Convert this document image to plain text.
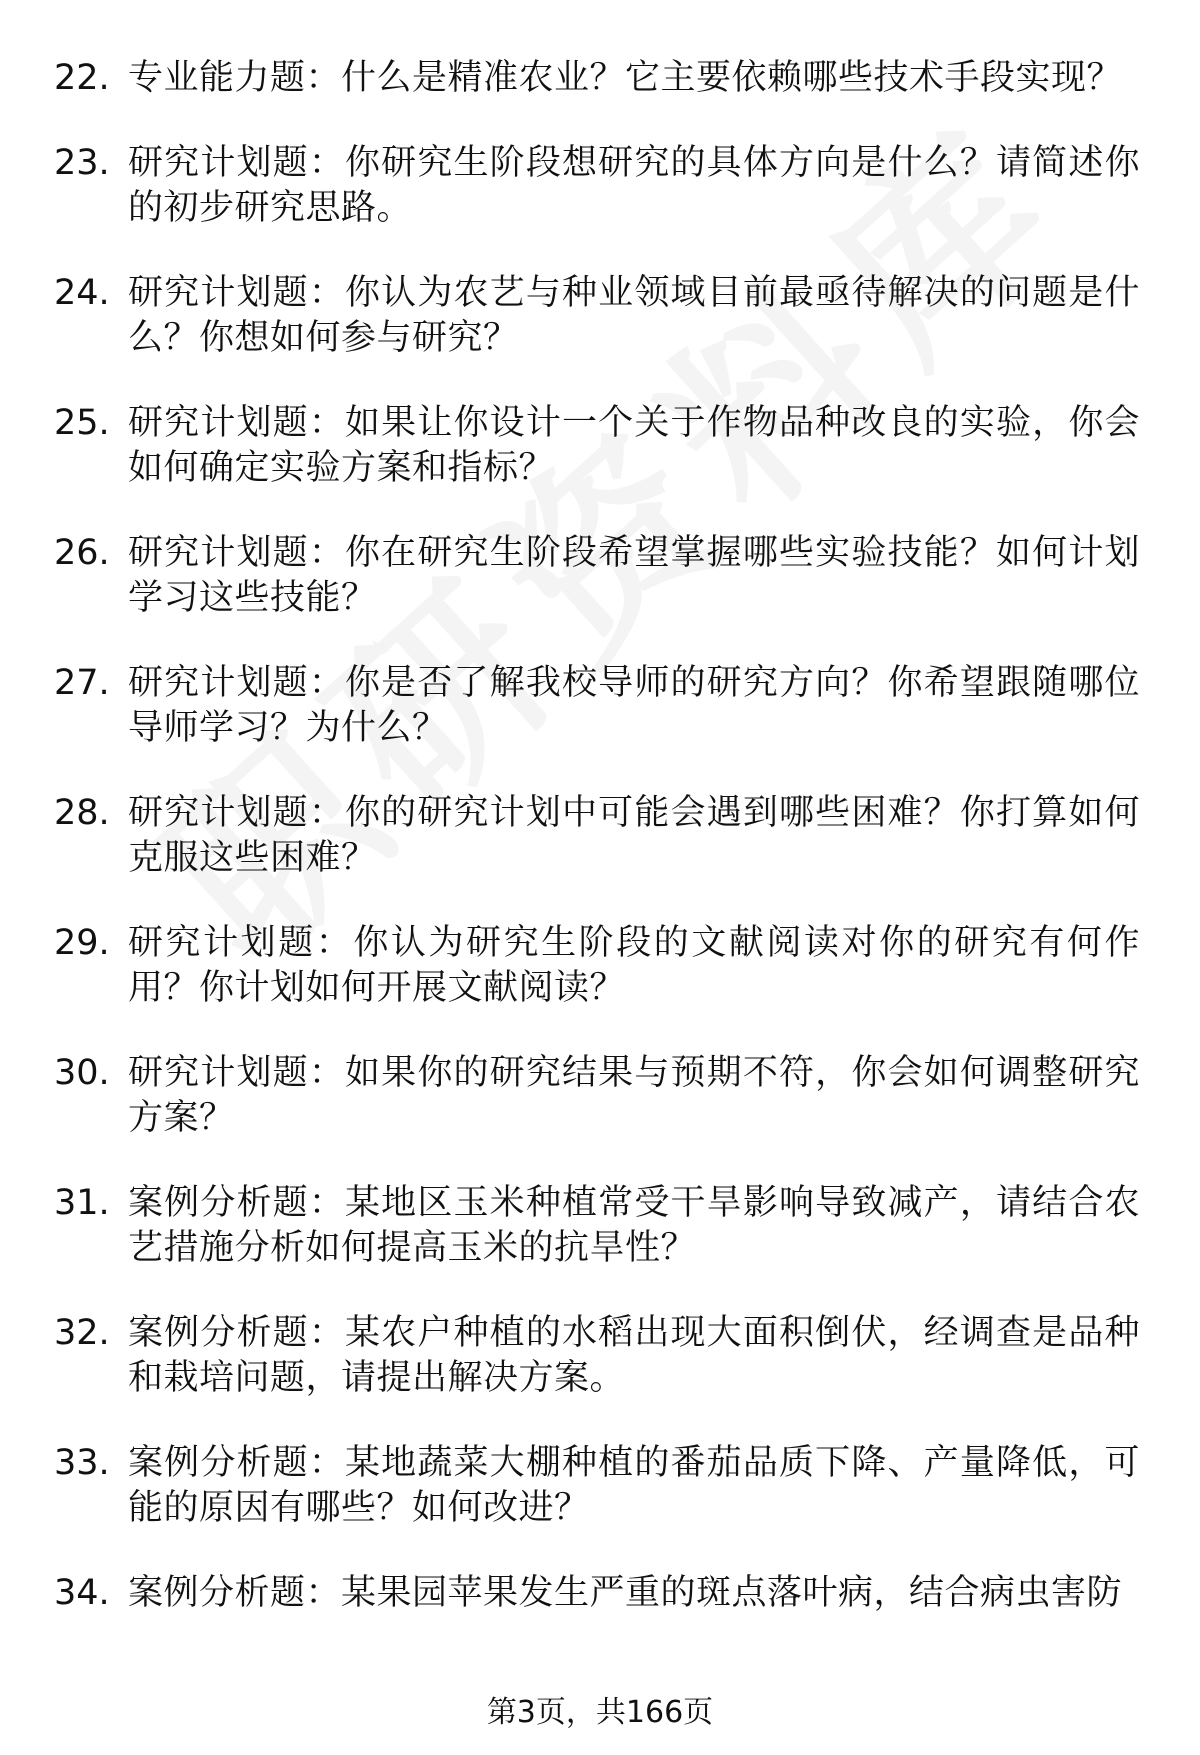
22. 专业能力题：什么是精准农业？它主要依赖哪些技术手段实现？
23. 研究计划题：你研究生阶段想研究的具体方向是什么？请简述你的初步研究思路。
24. 研究计划题：你认为农艺与种业领域目前最亟待解决的问题是什么？你想如何参与研究？
25. 研究计划题：如果让你设计一个关于作物品种改良的实验，你会如何确定实验方案和指标？
26. 研究计划题：你在研究生阶段希望掌握哪些实验技能？如何计划学习这些技能？
27. 研究计划题：你是否了解我校导师的研究方向？你希望跟随哪位导师学习？为什么？
28. 研究计划题：你的研究计划中可能会遇到哪些困难？你打算如何克服这些困难？
29. 研究计划题：你认为研究生阶段的文献阅读对你的研究有何作用？你计划如何开展文献阅读？
30. 研究计划题：如果你的研究结果与预期不符，你会如何调整研究方案？
31. 案例分析题：某地区玉米种植常受干旱影响导致减产，请结合农艺措施分析如何提高玉米的抗旱性？
32. 案例分析题：某农户种植的水稻出现大面积倒伏，经调查是品种和栽培问题，请提出解决方案。
33. 案例分析题：某地蔬菜大棚种植的番茄品质下降、产量降低，可能的原因有哪些？如何改进？
34. 案例分析题：某果园苹果发生严重的斑点落叶病，结合病虫害防
第3页，共166页
